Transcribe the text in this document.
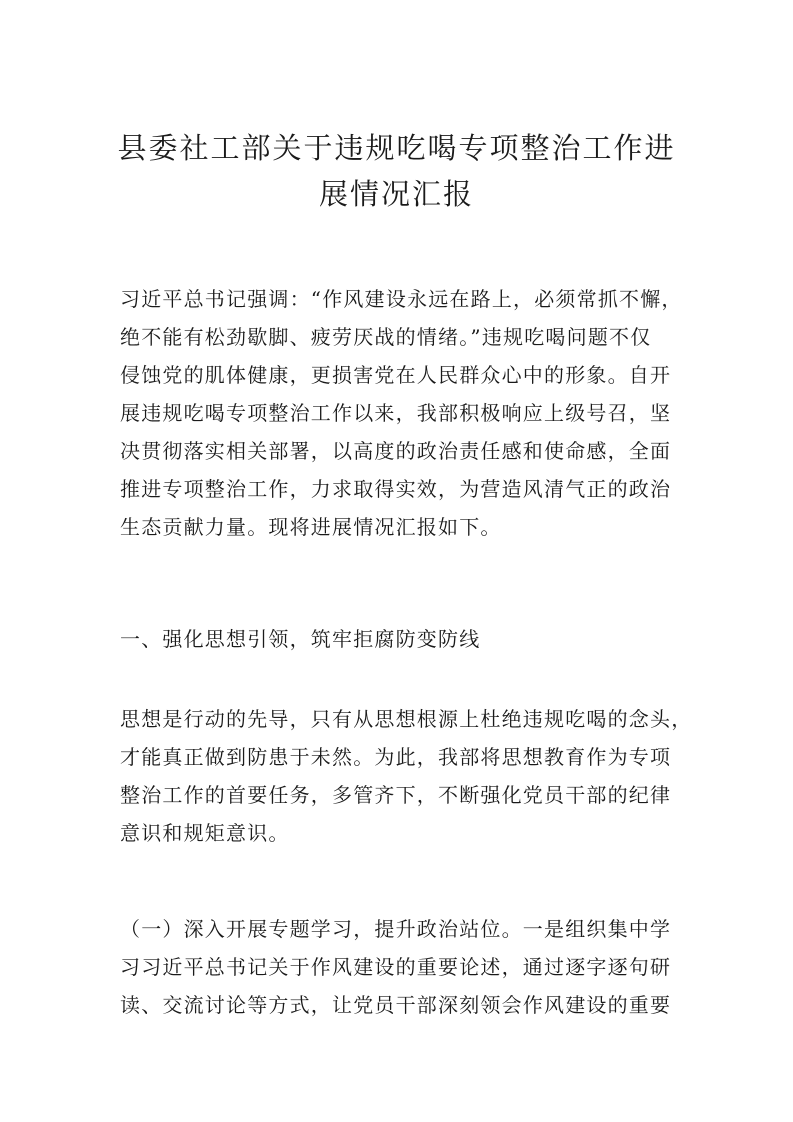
县委社工部关于违规吃喝专项整治工作进
展情况汇报
习近平总书记强调：“作风建设永远在路上，必须常抓不懈，
绝不能有松劲歇脚、疲劳厌战的情绪。”违规吃喝问题不仅
侵蚀党的肌体健康，更损害党在人民群众心中的形象。自开
展违规吃喝专项整治工作以来，我部积极响应上级号召，坚
决贯彻落实相关部署，以高度的政治责任感和使命感，全面
推进专项整治工作，力求取得实效，为营造风清气正的政治
生态贡献力量。现将进展情况汇报如下。
一、强化思想引领，筑牢拒腐防变防线
思想是行动的先导，只有从思想根源上杜绝违规吃喝的念头，
才能真正做到防患于未然。为此，我部将思想教育作为专项
整治工作的首要任务，多管齐下，不断强化党员干部的纪律
意识和规矩意识。
（一）深入开展专题学习，提升政治站位。一是组织集中学
习习近平总书记关于作风建设的重要论述，通过逐字逐句研
读、交流讨论等方式，让党员干部深刻领会作风建设的重要
